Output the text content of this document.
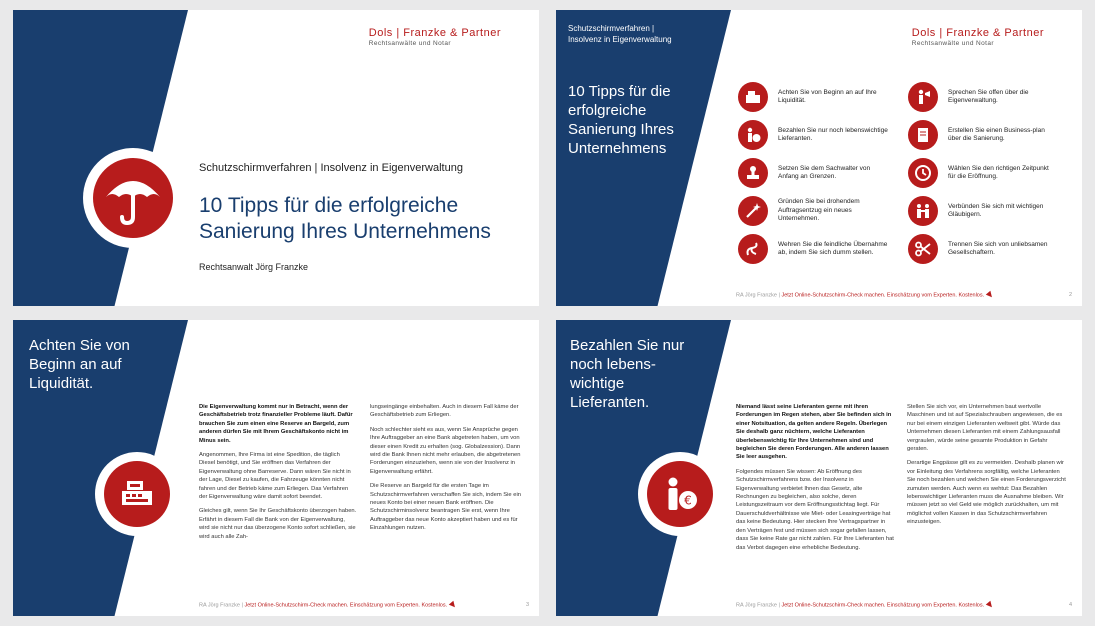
Dols | Franzke & Partner
Rechtsanwälte und Notar
Schutzschirmverfahren | Insolvenz in Eigenverwaltung
10 Tipps für die erfolgreiche Sanierung Ihres Unternehmens
Rechtsanwalt Jörg Franzke
Schutzschirmverfahren |
Insolvenz in Eigenverwaltung
10 Tipps für die erfolgreiche Sanierung Ihres Unternehmens
Dols | Franzke & Partner
Rechtsanwälte und Notar
Achten Sie von Beginn an auf Ihre Liquidität.
Bezahlen Sie nur noch lebenswichtige Lieferanten.
Setzen Sie dem Sachwalter von Anfang an Grenzen.
Gründen Sie bei drohendem Auftragsentzug ein neues Unternehmen.
Wehren Sie die feindliche Übernahme ab, indem Sie sich dumm stellen.
Sprechen Sie offen über die Eigenverwaltung.
Erstellen Sie einen Business-plan über die Sanierung.
Wählen Sie den richtigen Zeitpunkt für die Eröffnung.
Verbünden Sie sich mit wichtigen Gläubigern.
Trennen Sie sich von unliebsamen Gesellschaftern.
RA Jörg Franzke | Jetzt Online-Schutzschirm-Check machen. Einschätzung vom Experten. Kostenlos.	2
Achten Sie von Beginn an auf Liquidität.

Die Eigenverwaltung kommt nur in Betracht, wenn der Geschäftsbetrieb trotz finanzieller Probleme läuft. Dafür brauchen Sie zum einen eine Reserve an Bargeld, zum anderen dürfen Sie mit Ihrem Geschäftskonto nicht im Minus sein.

Angenommen, Ihre Firma ist eine Spedition, die täglich Diesel benötigt, und Sie eröffnen das Verfahren der Eigenverwaltung ohne Barreserve. Dann wären Sie nicht in der Lage, Diesel zu kaufen, die Fahrzeuge könnten nicht fahren und der Betrieb käme zum Erliegen. Das Verfahren der Eigenverwaltung wäre damit sofort beendet.

Gleiches gilt, wenn Sie Ihr Geschäftskonto überzogen haben. Erfährt in diesem Fall die Bank von der Eigenverwaltung, wird sie nicht nur das überzogene Konto sofort schließen, sie wird auch alle Zah-

lungseingänge einbehalten. Auch in diesem Fall käme der Geschäftsbetrieb zum Erliegen.

Noch schlechter sieht es aus, wenn Sie Ansprüche gegen Ihre Auftraggeber an eine Bank abgetreten haben, um von dieser einen Kredit zu erhalten (sog. Globalzession). Dann wird die Bank Ihnen nicht mehr erlauben, die abgetretenen Forderungen einzuziehen, wenn sie von der Insolvenz in Eigenverwaltung erfährt.

Die Reserve an Bargeld für die ersten Tage im Schutzschirmverfahren verschaffen Sie sich, indem Sie ein neues Konto bei einer neuen Bank eröffnen. Die Schutzschirminsolvenz beantragen Sie erst, wenn Ihre Auftraggeber das neue Konto akzeptiert haben und es für Einzahlungen nutzen.

RA Jörg Franzke | Jetzt Online-Schutzschirm-Check machen. Einschätzung vom Experten. Kostenlos.	3
Bezahlen Sie nur noch lebens- wichtige Lieferanten.
€

Niemand lässt seine Lieferanten gerne mit ihren Forderungen im Regen stehen, aber Sie befinden sich in einer Notsituation, da gelten andere Regeln. Überlegen Sie deshalb ganz nüchtern, welche Lieferanten überlebenswichtig für Ihre Unternehmen sind und begleichen Sie deren Forderungen. Alle anderen lassen Sie leer ausgehen.

Folgendes müssen Sie wissen: Ab Eröffnung des Schutzschirmverfahrens bzw. der Insolvenz in Eigenverwaltung verbietet Ihnen das Gesetz, alte Rechnungen zu begleichen, also solche, deren Leistungszeitraum vor dem Eröffnungsstichtag liegt. Für Dauerschuldverhältnisse wie Miet- oder Leasingverträge hat das keine Bedeutung. Hier stecken Ihre Vertragspartner in den Verträgen fest und müssen sich sogar gefallen lassen, dass Sie keine Rate gar nicht zahlen. Für Ihre Lieferanten hat das Verbot dagegen eine erhebliche Bedeutung.

Stellen Sie sich vor, ein Unternehmen baut wertvolle Maschinen und ist auf Spezialschrauben angewiesen, die es nur bei einem einzigen Lieferanten weltweit gibt. Würde das Unternehmen diesen Lieferanten mit einem Zahlungsausfall vergraulen, würde seine gesamte Produktion in Gefahr geraten.

Derartige Engpässe gilt es zu vermeiden. Deshalb planen wir vor Einleitung des Verfahrens sorgfältig, welche Lieferanten Sie noch bezahlen und welchen Sie einen Forderungsverzicht zumuten werden. Auch wenn es wehtut: Das Bezahlen lebenswichtiger Lieferanten muss die Ausnahme bleiben. Wir müssen jetzt so viel Geld wie möglich zurückhalten, um mit möglichst vollen Kassen in das Schutzschirmverfahren einzusteigen.

RA Jörg Franzke | Jetzt Online-Schutzschirm-Check machen. Einschätzung vom Experten. Kostenlos.	4
